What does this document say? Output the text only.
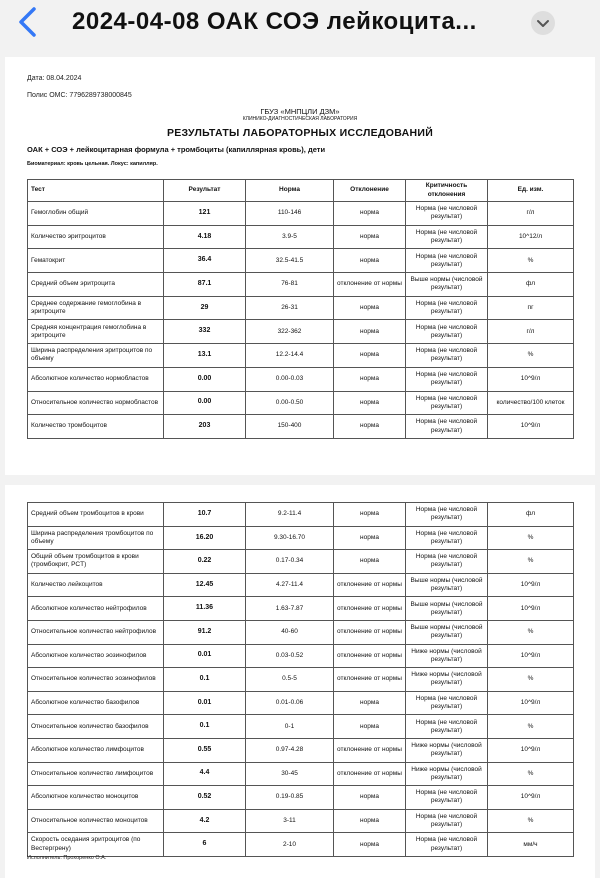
2024-04-08 ОАК СОЭ лейкоцита...
Дата: 08.04.2024
Полис ОМС: 7796289738000845
ГБУЗ «МНПЦЛИ ДЗМ»
КЛИНИКО-ДИАГНОСТИЧЕСКАЯ ЛАБОРАТОРИЯ
РЕЗУЛЬТАТЫ ЛАБОРАТОРНЫХ ИССЛЕДОВАНИЙ
ОАК + СОЭ + лейкоцитарная формула + тромбоциты (капиллярная кровь), дети
Биоматериал: кровь цельная. Локус: капилляр.
Тест	Результат	Норма	Отклонение	Критичность отклонения	Ед. изм.
Гемоглобин общий	121	110-146	норма	Норма (не числовой результат)	г/л
Количество эритроцитов	4.18	3.9-5	норма	Норма (не числовой результат)	10^12/л
Гематокрит	36.4	32.5-41.5	норма	Норма (не числовой результат)	%
Средний объем эритроцита	87.1	76-81	отклонение от нормы	Выше нормы (числовой результат)	фл
Среднее содержание гемоглобина в эритроците	29	26-31	норма	Норма (не числовой результат)	пг
Средняя концентрация гемоглобина в эритроците	332	322-362	норма	Норма (не числовой результат)	г/л
Ширина распределения эритроцитов по объему	13.1	12.2-14.4	норма	Норма (не числовой результат)	%
Абсолютное количество нормобластов	0.00	0.00-0.03	норма	Норма (не числовой результат)	10^9/л
Относительное количество нормобластов	0.00	0.00-0.50	норма	Норма (не числовой результат)	количество/100 клеток
Количество тромбоцитов	203	150-400	норма	Норма (не числовой результат)	10^9/л
Средний объем тромбоцитов в крови	10.7	9.2-11.4	норма	Норма (не числовой результат)	фл
Ширина распределения тромбоцитов по объему	16.20	9.30-16.70	норма	Норма (не числовой результат)	%
Общий объем тромбоцитов в крови (тромбокрит, PCT)	0.22	0.17-0.34	норма	Норма (не числовой результат)	%
Количество лейкоцитов	12.45	4.27-11.4	отклонение от нормы	Выше нормы (числовой результат)	10^9/л
Абсолютное количество нейтрофилов	11.36	1.63-7.87	отклонение от нормы	Выше нормы (числовой результат)	10^9/л
Относительное количество нейтрофилов	91.2	40-60	отклонение от нормы	Выше нормы (числовой результат)	%
Абсолютное количество эозинофилов	0.01	0.03-0.52	отклонение от нормы	Ниже нормы (числовой результат)	10^9/л
Относительное количество эозинофилов	0.1	0.5-5	отклонение от нормы	Ниже нормы (числовой результат)	%
Абсолютное количество базофилов	0.01	0.01-0.06	норма	Норма (не числовой результат)	10^9/л
Относительное количество базофилов	0.1	0-1	норма	Норма (не числовой результат)	%
Абсолютное количество лимфоцитов	0.55	0.97-4.28	отклонение от нормы	Ниже нормы (числовой результат)	10^9/л
Относительное количество лимфоцитов	4.4	30-45	отклонение от нормы	Ниже нормы (числовой результат)	%
Абсолютное количество моноцитов	0.52	0.19-0.85	норма	Норма (не числовой результат)	10^9/л
Относительное количество моноцитов	4.2	3-11	норма	Норма (не числовой результат)	%
Скорость оседания эритроцитов (по Вестергрену)	6	2-10	норма	Норма (не числовой результат)	мм/ч
Исполнитель: Прохоренко О.А.
